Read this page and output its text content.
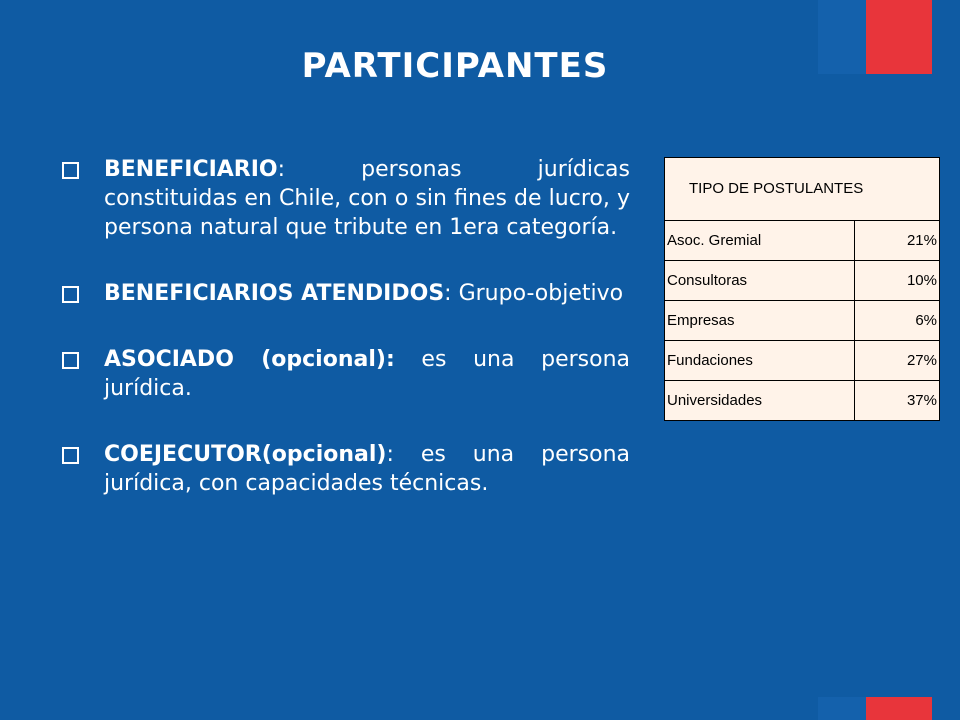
PARTICIPANTES
BENEFICIARIO: personas jurídicas constituidas en Chile, con o sin fines de lucro, y persona natural que tribute en 1era categoría.
BENEFICIARIOS ATENDIDOS: Grupo-objetivo
ASOCIADO (opcional): es una persona jurídica.
COEJECUTOR(opcional): es una persona jurídica, con capacidades técnicas.
TIPO DE POSTULANTES	
Asoc. Gremial	21%
Consultoras	10%
Empresas	6%
Fundaciones	27%
Universidades	37%
